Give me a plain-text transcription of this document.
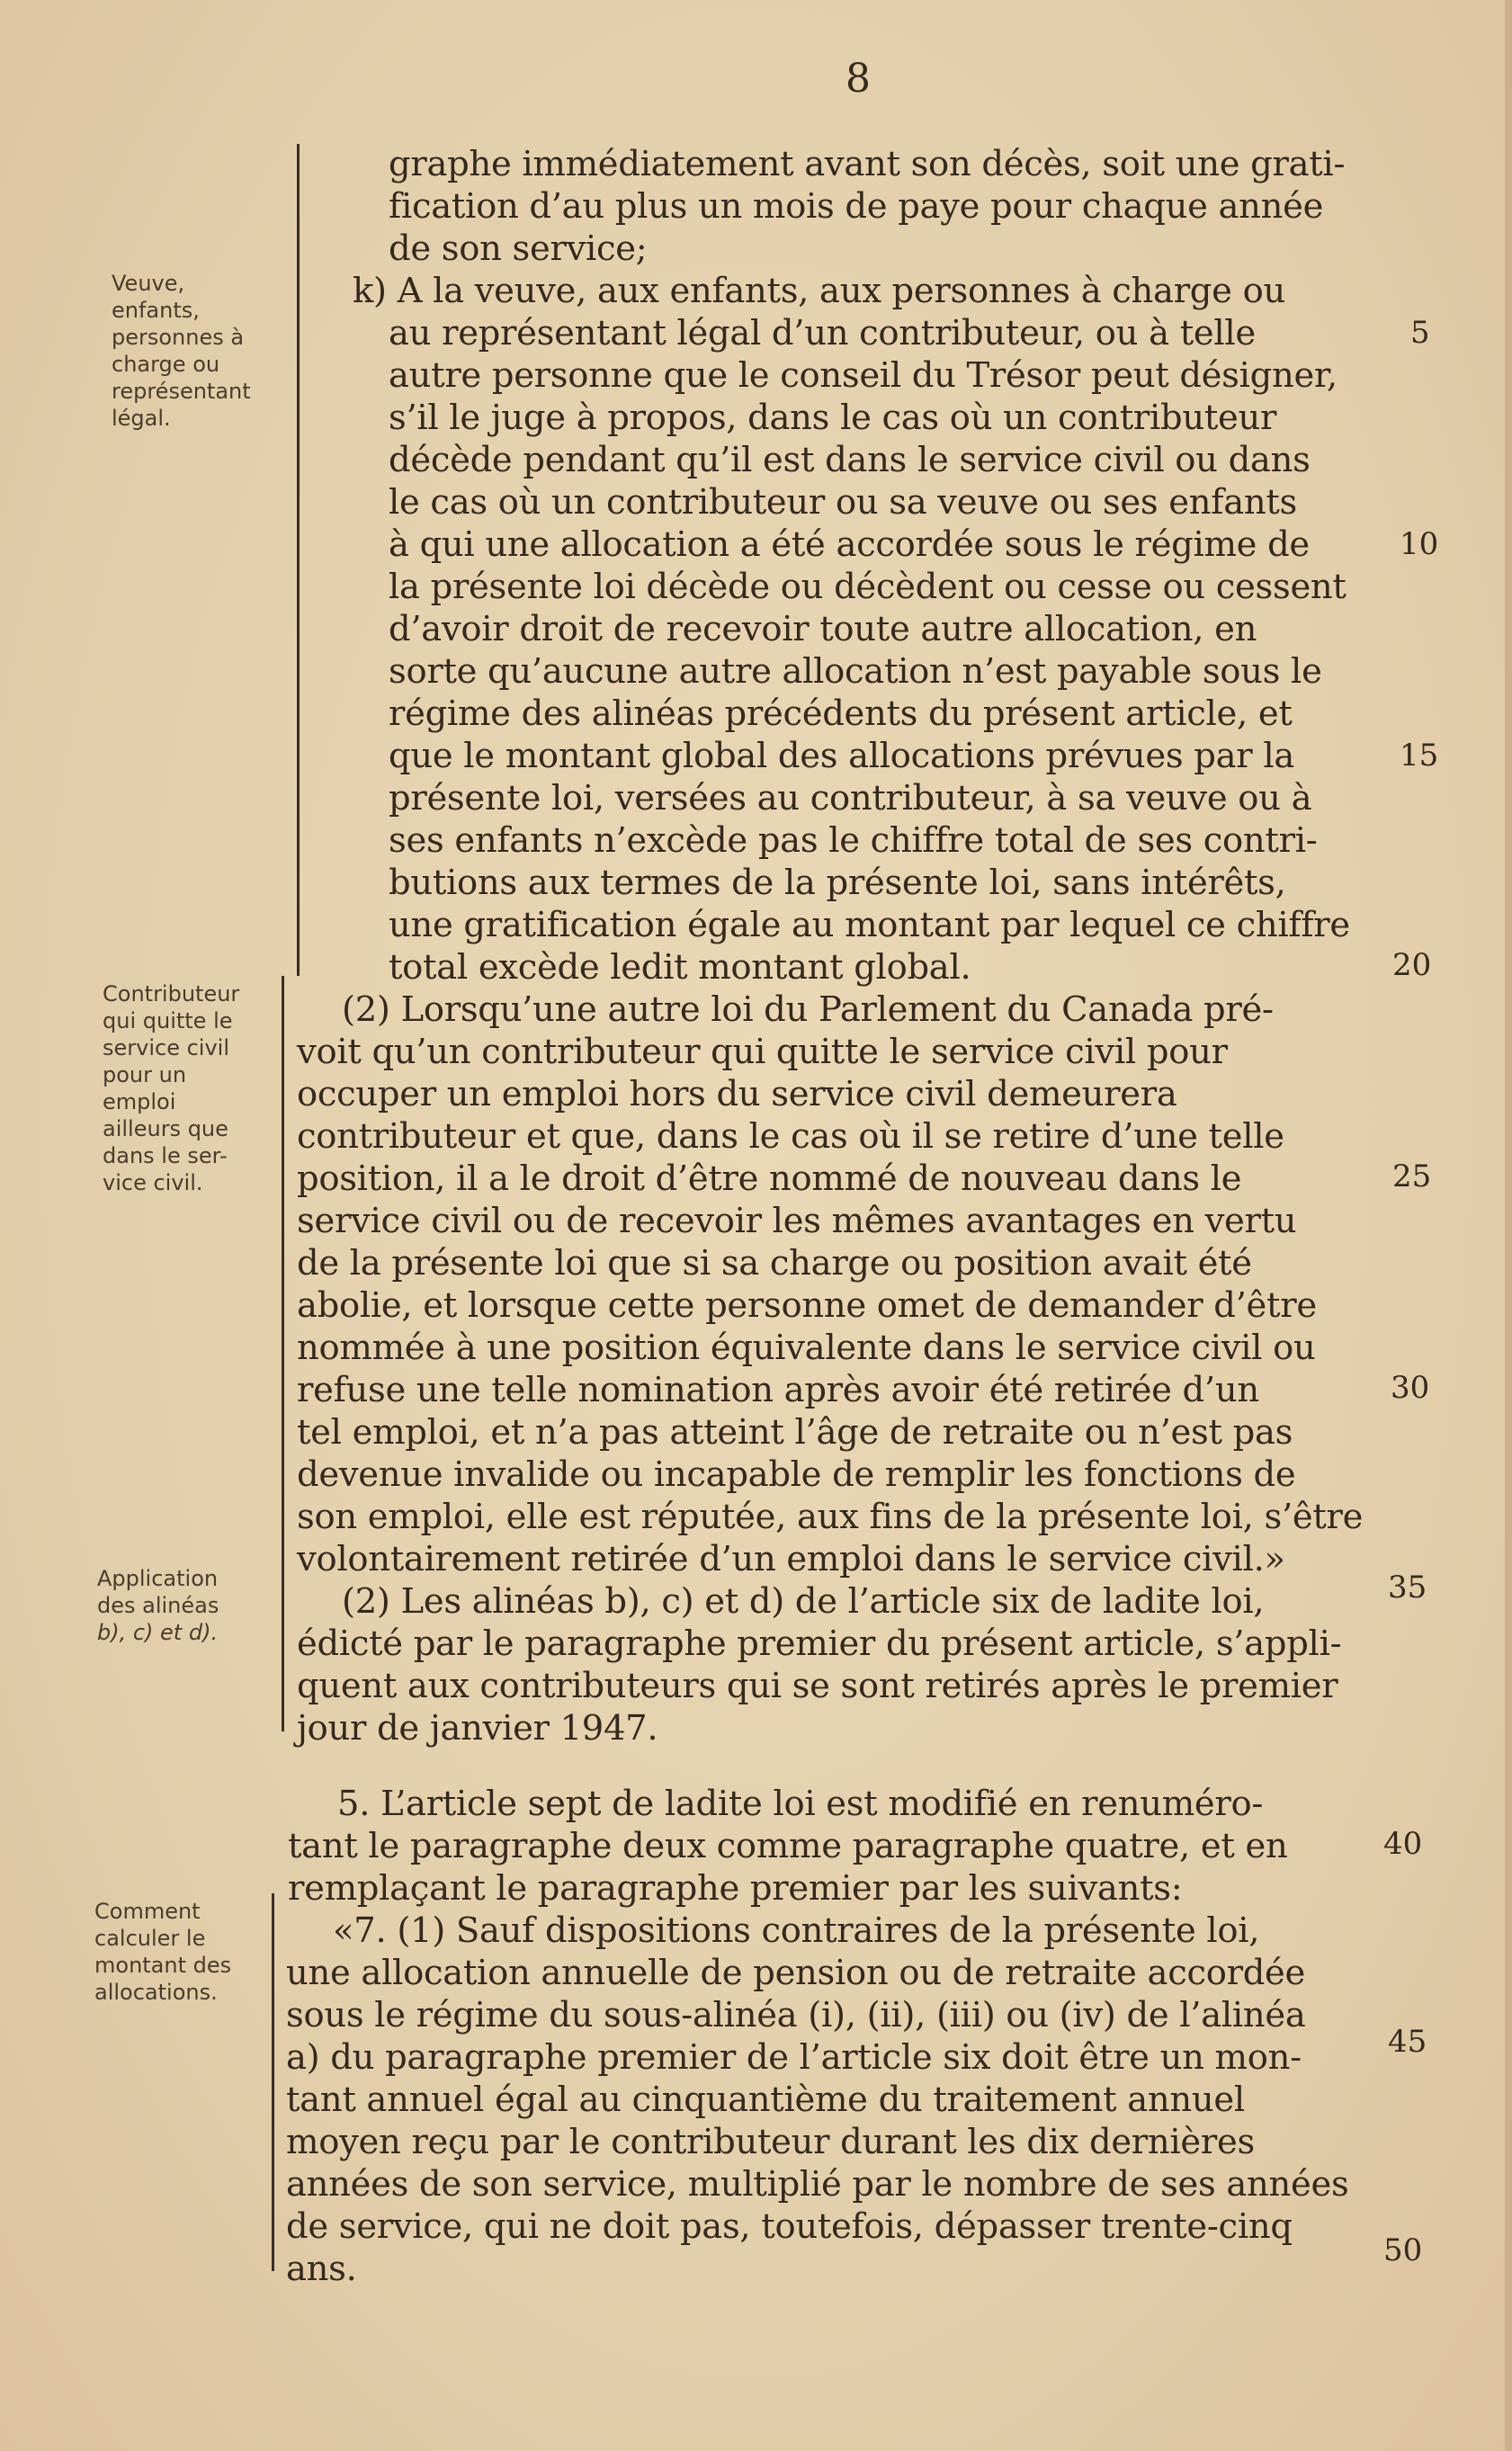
8
Veuve,
enfants,
personnes à
charge ou
représentant
légal.
Contributeur
qui quitte le
service civil
pour un
emploi
ailleurs que
dans le ser-
vice civil.
Application
des alinéas
b), c) et d).
Comment
calculer le
montant des
allocations.
graphe immédiatement avant son décès, soit une grati-
fication d’au plus un mois de paye pour chaque année
de son service;
k) A la veuve, aux enfants, aux personnes à charge ou
au représentant légal d’un contributeur, ou à telle
autre personne que le conseil du Trésor peut désigner,
s’il le juge à propos, dans le cas où un contributeur
décède pendant qu’il est dans le service civil ou dans
le cas où un contributeur ou sa veuve ou ses enfants
à qui une allocation a été accordée sous le régime de
la présente loi décède ou décèdent ou cesse ou cessent
d’avoir droit de recevoir toute autre allocation, en
sorte qu’aucune autre allocation n’est payable sous le
régime des alinéas précédents du présent article, et
que le montant global des allocations prévues par la
présente loi, versées au contributeur, à sa veuve ou à
ses enfants n’excède pas le chiffre total de ses contri-
butions aux termes de la présente loi, sans intérêts,
une gratification égale au montant par lequel ce chiffre
total excède ledit montant global.
(2) Lorsqu’une autre loi du Parlement du Canada pré-
voit qu’un contributeur qui quitte le service civil pour
occuper un emploi hors du service civil demeurera
contributeur et que, dans le cas où il se retire d’une telle
position, il a le droit d’être nommé de nouveau dans le
service civil ou de recevoir les mêmes avantages en vertu
de la présente loi que si sa charge ou position avait été
abolie, et lorsque cette personne omet de demander d’être
nommée à une position équivalente dans le service civil ou
refuse une telle nomination après avoir été retirée d’un
tel emploi, et n’a pas atteint l’âge de retraite ou n’est pas
devenue invalide ou incapable de remplir les fonctions de
son emploi, elle est réputée, aux fins de la présente loi, s’être
volontairement retirée d’un emploi dans le service civil.»
(2) Les alinéas b), c) et d) de l’article six de ladite loi,
édicté par le paragraphe premier du présent article, s’appli-
quent aux contributeurs qui se sont retirés après le premier
jour de janvier 1947.
5. L’article sept de ladite loi est modifié en renuméro-
tant le paragraphe deux comme paragraphe quatre, et en
remplaçant le paragraphe premier par les suivants:
«7. (1) Sauf dispositions contraires de la présente loi,
une allocation annuelle de pension ou de retraite accordée
sous le régime du sous-alinéa (i), (ii), (iii) ou (iv) de l’alinéa
a) du paragraphe premier de l’article six doit être un mon-
tant annuel égal au cinquantième du traitement annuel
moyen reçu par le contributeur durant les dix dernières
années de son service, multiplié par le nombre de ses années
de service, qui ne doit pas, toutefois, dépasser trente-cinq
ans.
5
10
15
20
25
30
35
40
45
50
